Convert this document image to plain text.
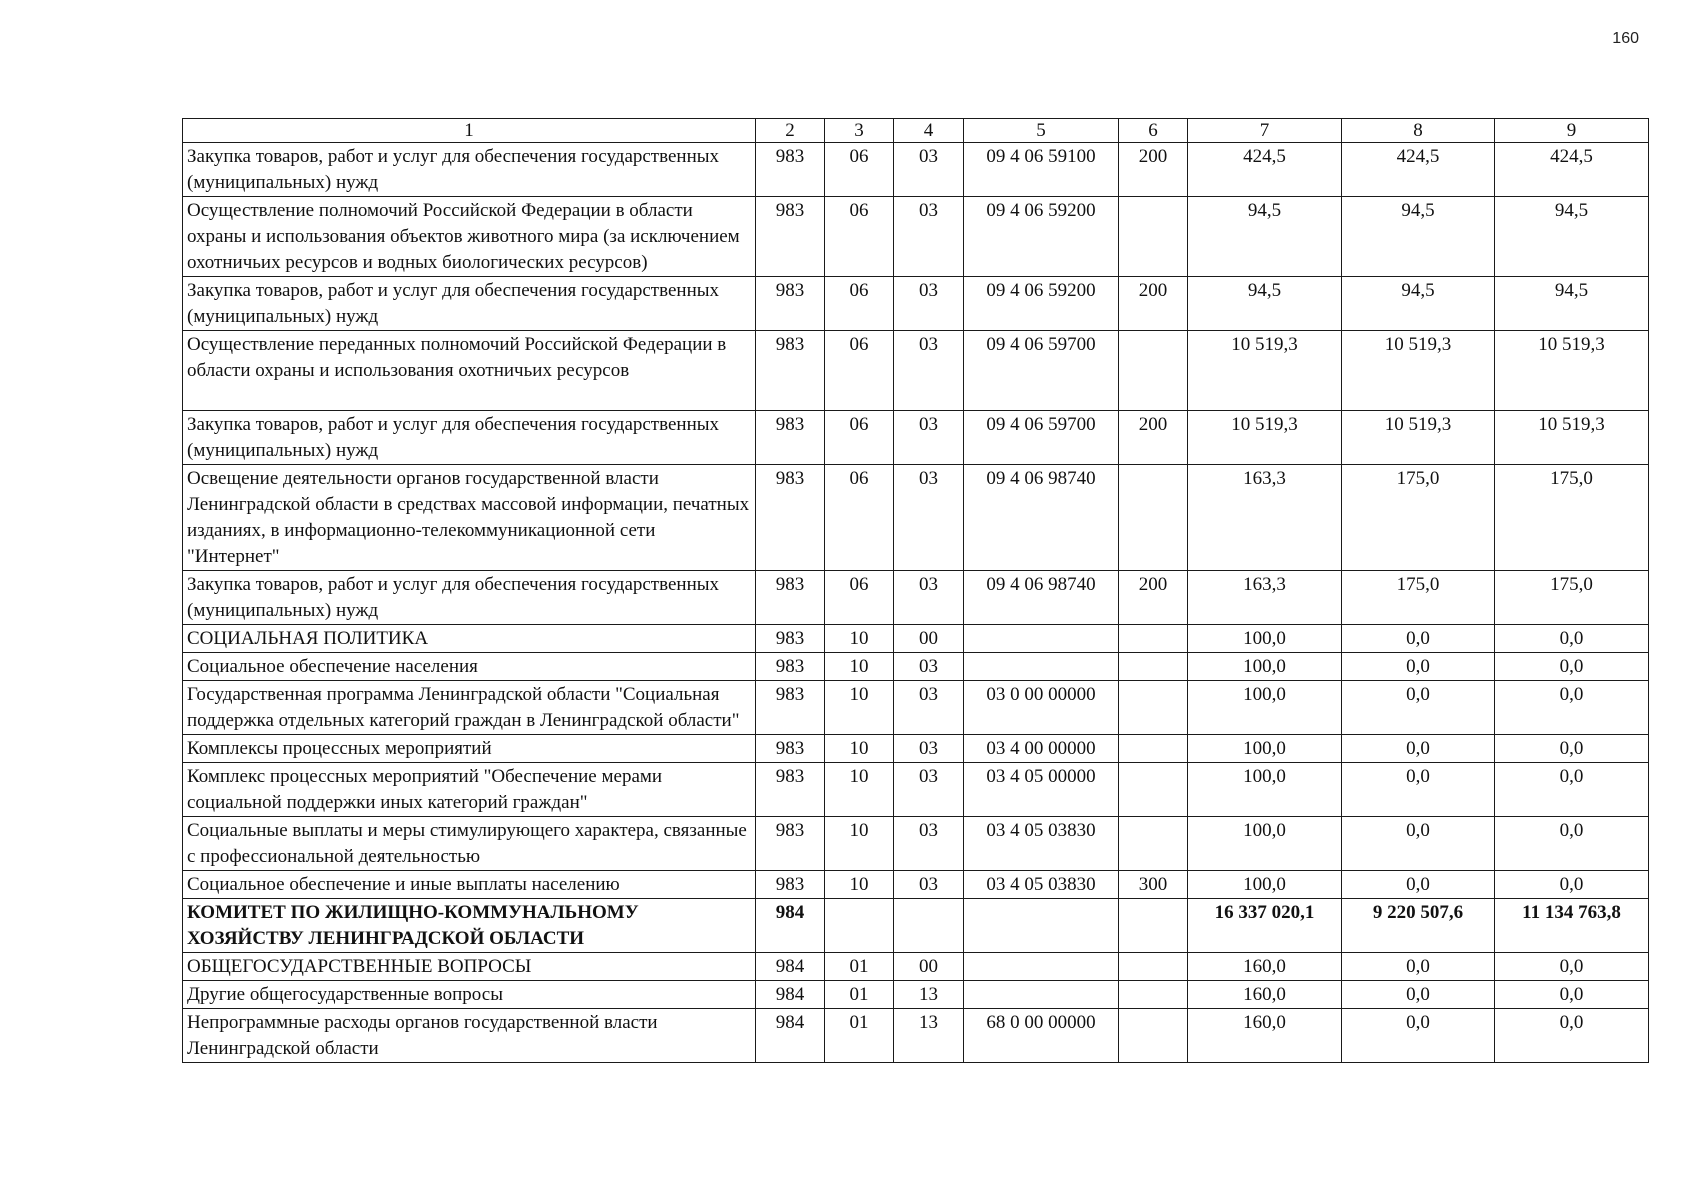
160
1	2	3	4	5	6	7	8	9
Закупка товаров, работ и услуг для обеспечения государственных (муниципальных) нужд	983	06	03	09 4 06 59100	200	424,5	424,5	424,5
Осуществление полномочий Российской Федерации в области охраны и использования объектов животного мира (за исключением охотничьих ресурсов и водных биологических ресурсов)	983	06	03	09 4 06 59200		94,5	94,5	94,5
Закупка товаров, работ и услуг для обеспечения государственных (муниципальных) нужд	983	06	03	09 4 06 59200	200	94,5	94,5	94,5
Осуществление переданных полномочий Российской Федерации в области охраны и использования охотничьих ресурсов	983	06	03	09 4 06 59700		10 519,3	10 519,3	10 519,3
Закупка товаров, работ и услуг для обеспечения государственных (муниципальных) нужд	983	06	03	09 4 06 59700	200	10 519,3	10 519,3	10 519,3
Освещение деятельности органов государственной власти Ленинградской области в средствах массовой информации, печатных изданиях, в информационно-телекоммуникационной сети "Интернет"	983	06	03	09 4 06 98740		163,3	175,0	175,0
Закупка товаров, работ и услуг для обеспечения государственных (муниципальных) нужд	983	06	03	09 4 06 98740	200	163,3	175,0	175,0
СОЦИАЛЬНАЯ ПОЛИТИКА	983	10	00			100,0	0,0	0,0
Социальное обеспечение населения	983	10	03			100,0	0,0	0,0
Государственная программа Ленинградской области "Социальная поддержка отдельных категорий граждан в Ленинградской области"	983	10	03	03 0 00 00000		100,0	0,0	0,0
Комплексы процессных мероприятий	983	10	03	03 4 00 00000		100,0	0,0	0,0
Комплекс процессных мероприятий "Обеспечение мерами социальной поддержки иных категорий граждан"	983	10	03	03 4 05 00000		100,0	0,0	0,0
Социальные выплаты и меры стимулирующего характера, связанные с профессиональной деятельностью	983	10	03	03 4 05 03830		100,0	0,0	0,0
Социальное обеспечение и иные выплаты населению	983	10	03	03 4 05 03830	300	100,0	0,0	0,0
КОМИТЕТ ПО ЖИЛИЩНО-КОММУНАЛЬНОМУ ХОЗЯЙСТВУ ЛЕНИНГРАДСКОЙ ОБЛАСТИ	984					16 337 020,1	9 220 507,6	11 134 763,8
ОБЩЕГОСУДАРСТВЕННЫЕ ВОПРОСЫ	984	01	00			160,0	0,0	0,0
Другие общегосударственные вопросы	984	01	13			160,0	0,0	0,0
Непрограммные расходы органов государственной власти Ленинградской области	984	01	13	68 0 00 00000		160,0	0,0	0,0
